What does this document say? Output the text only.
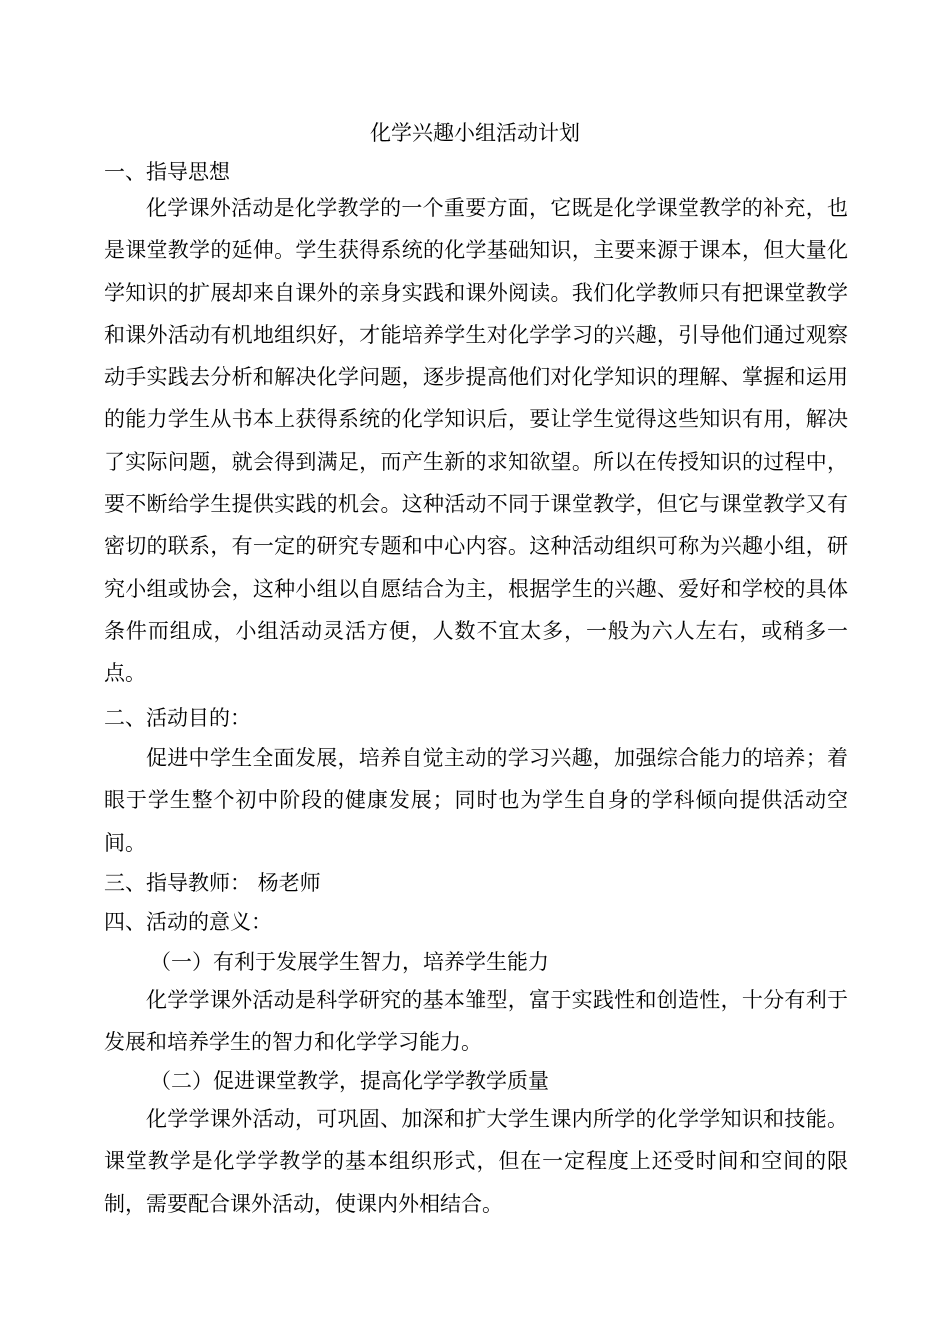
化学兴趣小组活动计划
一、指导思想

化学课外活动是化学教学的一个重要方面，它既是化学课堂教学的补充，也是课堂教学的延伸。学生获得系统的化学基础知识，主要来源于课本，但大量化学知识的扩展却来自课外的亲身实践和课外阅读。我们化学教师只有把课堂教学和课外活动有机地组织好，才能培养学生对化学学习的兴趣，引导他们通过观察动手实践去分析和解决化学问题，逐步提高他们对化学知识的理解、掌握和运用的能力学生从书本上获得系统的化学知识后，要让学生觉得这些知识有用，解决了实际问题，就会得到满足，而产生新的求知欲望。所以在传授知识的过程中，要不断给学生提供实践的机会。这种活动不同于课堂教学，但它与课堂教学又有密切的联系，有一定的研究专题和中心内容。这种活动组织可称为兴趣小组，研究小组或协会，这种小组以自愿结合为主，根据学生的兴趣、爱好和学校的具体条件而组成，小组活动灵活方便，人数不宜太多，一般为六人左右，或稍多一点。

二、活动目的：

促进中学生全面发展，培养自觉主动的学习兴趣，加强综合能力的培养；着眼于学生整个初中阶段的健康发展；同时也为学生自身的学科倾向提供活动空间。

三、指导教师： 杨老师
四、活动的意义：
（一）有利于发展学生智力，培养学生能力

化学学课外活动是科学研究的基本雏型，富于实践性和创造性，十分有利于发展和培养学生的智力和化学学习能力。

（二）促进课堂教学，提高化学学教学质量

化学学课外活动，可巩固、加深和扩大学生课内所学的化学学知识和技能。课堂教学是化学学教学的基本组织形式，但在一定程度上还受时间和空间的限制，需要配合课外活动，使课内外相结合。
